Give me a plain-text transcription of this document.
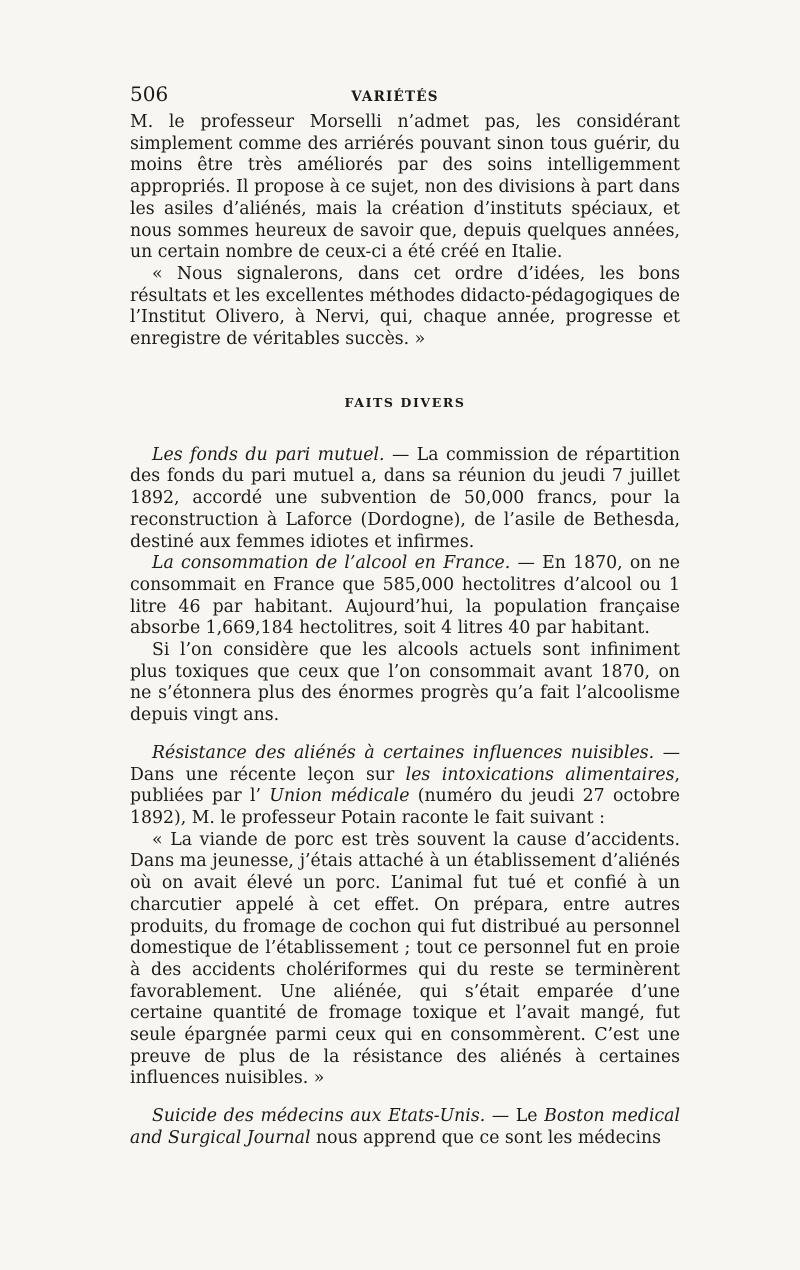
506	VARIÉTÉS

M. le professeur Morselli n’admet pas, les considérant simplement comme des arriérés pouvant sinon tous guérir, du moins être très améliorés par des soins intelligemment appropriés. Il propose à ce sujet, non des divisions à part dans les asiles d’aliénés, mais la création d’instituts spéciaux, et nous sommes heureux de savoir que, depuis quelques années, un certain nombre de ceux-ci a été créé en Italie.

« Nous signalerons, dans cet ordre d’idées, les bons résultats et les excellentes méthodes didacto-pédagogiques de l’Institut Olivero, à Nervi, qui, chaque année, progresse et enregistre de véritables succès. »

FAITS DIVERS

Les fonds du pari mutuel. — La commission de répartition des fonds du pari mutuel a, dans sa réunion du jeudi 7 juillet 1892, accordé une subvention de 50,000 francs, pour la reconstruction à Laforce (Dordogne), de l’asile de Bethesda, destiné aux femmes idiotes et infirmes.

La consommation de l’alcool en France. — En 1870, on ne consommait en France que 585,000 hectolitres d’alcool ou 1 litre 46 par habitant. Aujourd’hui, la population française absorbe 1,669,184 hectolitres, soit 4 litres 40 par habitant.

Si l’on considère que les alcools actuels sont infiniment plus toxiques que ceux que l’on consommait avant 1870, on ne s’étonnera plus des énormes progrès qu’a fait l’alcoolisme depuis vingt ans.

Résistance des aliénés à certaines influences nuisibles. — Dans une récente leçon sur les intoxications alimentaires, publiées par l’ Union médicale (numéro du jeudi 27 octobre 1892), M. le professeur Potain raconte le fait suivant :

« La viande de porc est très souvent la cause d’accidents. Dans ma jeunesse, j’étais attaché à un établissement d’aliénés où on avait élevé un porc. L’animal fut tué et confié à un charcutier appelé à cet effet. On prépara, entre autres produits, du fromage de cochon qui fut distribué au personnel domestique de l’établissement ; tout ce personnel fut en proie à des accidents cholériformes qui du reste se terminèrent favorablement. Une aliénée, qui s’était emparée d’une certaine quantité de fromage toxique et l’avait mangé, fut seule épargnée parmi ceux qui en consommèrent. C’est une preuve de plus de la résistance des aliénés à certaines influences nuisibles. »

Suicide des médecins aux Etats-Unis. — Le Boston medical and Surgical Journal nous apprend que ce sont les médecins
